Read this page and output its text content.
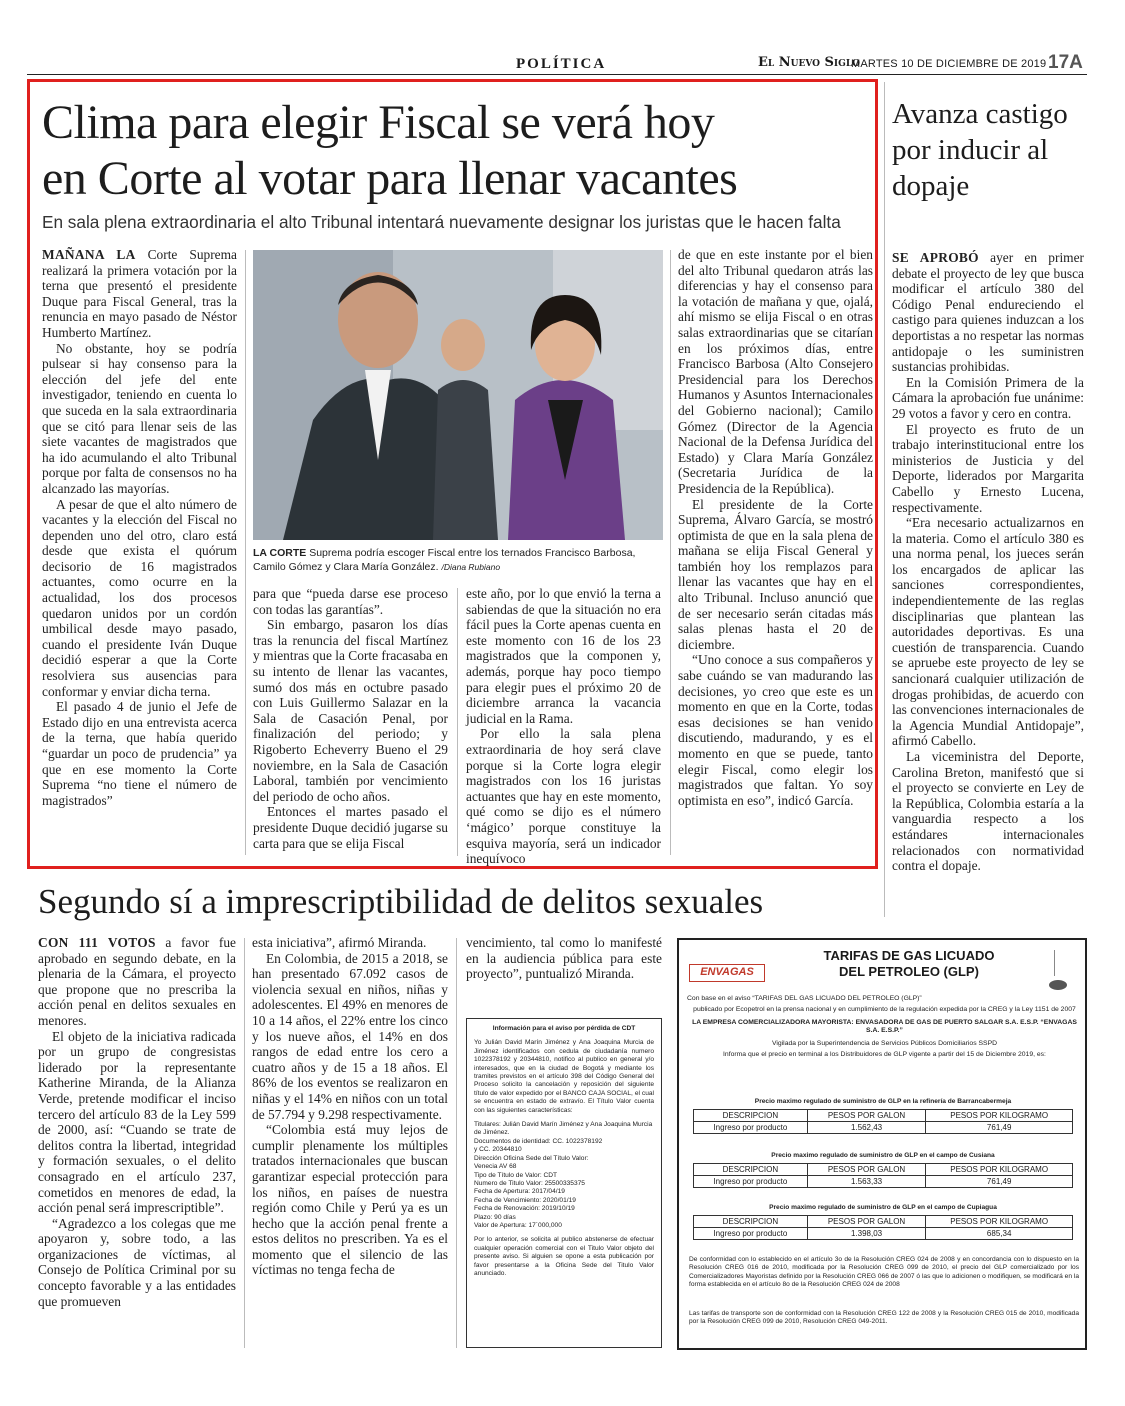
POLÍTICA	El Nuevo Siglo
MARTES 10 DE DICIEMBRE DE 2019 17A
Clima para elegir Fiscal se verá hoy
en Corte al votar para llenar vacantes
En sala plena extraordinaria el alto Tribunal intentará nuevamente designar los juristas que le hacen falta

MAÑANA LA Corte Suprema realizará la primera votación por la terna que presentó el presidente Duque para Fiscal General, tras la renuncia en mayo pasado de Néstor Humberto Martínez.

No obstante, hoy se podría pulsear si hay consenso para la elección del jefe del ente investigador, teniendo en cuenta lo que suceda en la sala extraordinaria que se citó para llenar seis de las siete vacantes de magistrados que ha ido acumulando el alto Tribunal porque por falta de consensos no ha alcanzado las mayorías.

A pesar de que el alto número de vacantes y la elección del Fiscal no dependen uno del otro, claro está desde que exista el quórum decisorio de 16 magistrados actuantes, como ocurre en la actualidad, los dos procesos quedaron unidos por un cordón umbilical desde mayo pasado, cuando el presidente Iván Duque decidió esperar a que la Corte resolviera sus ausencias para conformar y enviar dicha terna.

El pasado 4 de junio el Jefe de Estado dijo en una entrevista acerca de la terna, que había querido “guardar un poco de prudencia” ya que en ese momento la Corte Suprema “no tiene el número de magistrados”

LA CORTE Suprema podría escoger Fiscal entre los ternados Francisco Barbosa, Camilo Gómez y Clara María González. /Diana Rubiano

para que “pueda darse ese proceso con todas las garantías”.

Sin embargo, pasaron los días tras la renuncia del fiscal Martínez y mientras que la Corte fracasaba en su intento de llenar las vacantes, sumó dos más en octubre pasado con Luis Guillermo Salazar en la Sala de Casación Penal, por finalización del periodo; y Rigoberto Echeverry Bueno el 29 noviembre, en la Sala de Casación Laboral, también por vencimiento del periodo de ocho años.

Entonces el martes pasado el presidente Duque decidió jugarse su carta para que se elija Fiscal

este año, por lo que envió la terna a sabiendas de que la situación no era fácil pues la Corte apenas cuenta en este momento con 16 de los 23 magistrados que la componen y, además, porque hay poco tiempo para elegir pues el próximo 20 de diciembre arranca la vacancia judicial en la Rama.

Por ello la sala plena extraordinaria de hoy será clave porque si la Corte logra elegir magistrados con los 16 juristas actuantes que hay en este momento, qué como se dijo es el número ‘mágico’ porque constituye la esquiva mayoría, será un indicador inequívoco

de que en este instante por el bien del alto Tribunal quedaron atrás las diferencias y hay el consenso para la votación de mañana y que, ojalá, ahí mismo se elija Fiscal o en otras salas extraordinarias que se citarían en los próximos días, entre Francisco Barbosa (Alto Consejero Presidencial para los Derechos Humanos y Asuntos Internacionales del Gobierno nacional); Camilo Gómez (Director de la Agencia Nacional de la Defensa Jurídica del Estado) y Clara María González (Secretaria Jurídica de la Presidencia de la República).

El presidente de la Corte Suprema, Álvaro García, se mostró optimista de que en la sala plena de mañana se elija Fiscal General y también hoy los remplazos para llenar las vacantes que hay en el alto Tribunal. Incluso anunció que de ser necesario serán citadas más salas plenas hasta el 20 de diciembre.

“Uno conoce a sus compañeros y sabe cuándo se van madurando las decisiones, yo creo que este es un momento en que en la Corte, todas esas decisiones se han venido discutiendo, madurando, y es el momento en que se puede, tanto elegir Fiscal, como elegir los magistrados que faltan. Yo soy optimista en eso”, indicó García.

Avanza castigo por inducir al dopaje

SE APROBÓ ayer en primer debate el proyecto de ley que busca modificar el artículo 380 del Código Penal endureciendo el castigo para quienes induzcan a los deportistas a no respetar las normas antidopaje o les suministren sustancias prohibidas.

En la Comisión Primera de la Cámara la aprobación fue unánime: 29 votos a favor y cero en contra.

El proyecto es fruto de un trabajo interinstitucional entre los ministerios de Justicia y del Deporte, liderados por Margarita Cabello y Ernesto Lucena, respectivamente.

“Era necesario actualizarnos en la materia. Como el artículo 380 es una norma penal, los jueces serán los encargados de aplicar las sanciones correspondientes, independientemente de las reglas disciplinarias que plantean las autoridades deportivas. Es una cuestión de transparencia. Cuando se apruebe este proyecto de ley se sancionará cualquier utilización de drogas prohibidas, de acuerdo con las convenciones internacionales de la Agencia Mundial Antidopaje”, afirmó Cabello.

La viceministra del Deporte, Carolina Breton, manifestó que si el proyecto se convierte en Ley de la República, Colombia estaría a la vanguardia respecto a los estándares internacionales relacionados con normatividad contra el dopaje.

Segundo sí a imprescriptibilidad de delitos sexuales

CON 111 VOTOS a favor fue aprobado en segundo debate, en la plenaria de la Cámara, el proyecto que propone que no prescriba la acción penal en delitos sexuales en menores.

El objeto de la iniciativa radicada por un grupo de congresistas liderado por la representante Katherine Miranda, de la Alianza Verde, pretende modificar el inciso tercero del artículo 83 de la Ley 599 de 2000, así: “Cuando se trate de delitos contra la libertad, integridad y formación sexuales, o el delito consagrado en el artículo 237, cometidos en menores de edad, la acción penal será imprescriptible”.

“Agradezco a los colegas que me apoyaron y, sobre todo, a las organizaciones de víctimas, al Consejo de Política Criminal por su concepto favorable y a las entidades que promueven

esta iniciativa”, afirmó Miranda.

En Colombia, de 2015 a 2018, se han presentado 67.092 casos de violencia sexual en niños, niñas y adolescentes. El 49% en menores de 10 a 14 años, el 22% entre los cinco y los nueve años, el 14% en dos rangos de edad entre los cero a cuatro años y de 15 a 18 años. El 86% de los eventos se realizaron en niñas y el 14% en niños con un total de 57.794 y 9.298 respectivamente.

“Colombia está muy lejos de cumplir plenamente los múltiples tratados internacionales que buscan garantizar especial protección para los niños, en países de nuestra región como Chile y Perú ya es un hecho que la acción penal frente a estos delitos no prescriben. Ya es el momento que el silencio de las víctimas no tenga fecha de

vencimiento, tal como lo manifesté en la audiencia pública para este proyecto”, puntualizó Miranda.

Información para el aviso por pérdida de CDT
Yo Julián David Marín Jiménez y Ana Joaquina Murcia de Jiménez identificados con cedula de ciudadanía numero 1022378192 y 20344810, notifico al publico en general y/o interesados, que en la ciudad de Bogotá y mediante los tramites previstos en el artículo 398 del Código General del Proceso solicito la cancelación y reposición del siguiente título de valor expedido por el BANCO CAJA SOCIAL, el cual se encuentra en estado de extravío. El Título Valor cuenta con las siguientes características:
Titulares: Julián David Marín Jiménez y Ana Joaquina Murcia de Jiménez.
Documentos de identidad: CC. 1022378192
y CC. 20344810
Dirección Oficina Sede del Título Valor:
Venecia AV 68
Tipo de Título de Valor: CDT
Numero de Titulo Valor: 25500335375
Fecha de Apertura: 2017/04/19
Fecha de Vencimiento: 2020/01/19
Fecha de Renovación: 2019/10/19
Plazo: 90 días
Valor de Apertura: 17´000,000
Por lo anterior, se solicita al publico abstenerse de efectuar cualquier operación comercial con el Titulo Valor objeto del presente aviso. Si alguien se opone a esta publicación por favor presentarse a la Oficina Sede del Titulo Valor anunciado.
ENVAGAS
TARIFAS DE GAS LICUADO
DEL PETROLEO (GLP)
Con base en el aviso “TARIFAS DEL GAS LICUADO DEL PETROLEO (GLP)”
publicado por Ecopetrol en la prensa nacional y en cumplimiento de la regulación expedida por la CREG y la Ley 1151 de 2007
LA EMPRESA COMERCIALIZADORA MAYORISTA: ENVASADORA DE GAS DE PUERTO SALGAR S.A. E.S.P. “ENVAGAS S.A. E.S.P.”
Vigilada por la Superintendencia de Servicios Públicos Domiciliarios SSPD
Informa que el precio en terminal a los Distribuidores de GLP vigente a partir del 15 de Diciembre 2019, es:
Precio maximo regulado de suministro de GLP en la refinería de Barrancabermeja
DESCRIPCION	PESOS POR GALON	PESOS POR KILOGRAMO
Ingreso por producto	1.562,43	761,49
Precio maximo regulado de suministro de GLP en el campo de Cusiana
DESCRIPCION	PESOS POR GALON	PESOS POR KILOGRAMO
Ingreso por producto	1.563,33	761,49
Precio maximo regulado de suministro de GLP en el campo de Cupiagua
DESCRIPCION	PESOS POR GALON	PESOS POR KILOGRAMO
Ingreso por producto	1.398,03	685,34
De conformidad con lo establecido en el artículo 3o de la Resolución CREG 024 de 2008 y en concordancia con lo dispuesto en la Resolución CREG 016 de 2010, modificada por la Resolución CREG 099 de 2010, el precio del GLP comercializado por los Comercializadores Mayoristas definido por la Resolución CREG 066 de 2007 ó las que lo adicionen o modifiquen, se modificará en la forma establecida en el artículo 8o de la Resolución CREG 024 de 2008
Las tarifas de transporte son de conformidad con la Resolución CREG 122 de 2008 y la Resolución CREG 015 de 2010, modificada por la Resolución CREG 099 de 2010, Resolución CREG 049-2011.
